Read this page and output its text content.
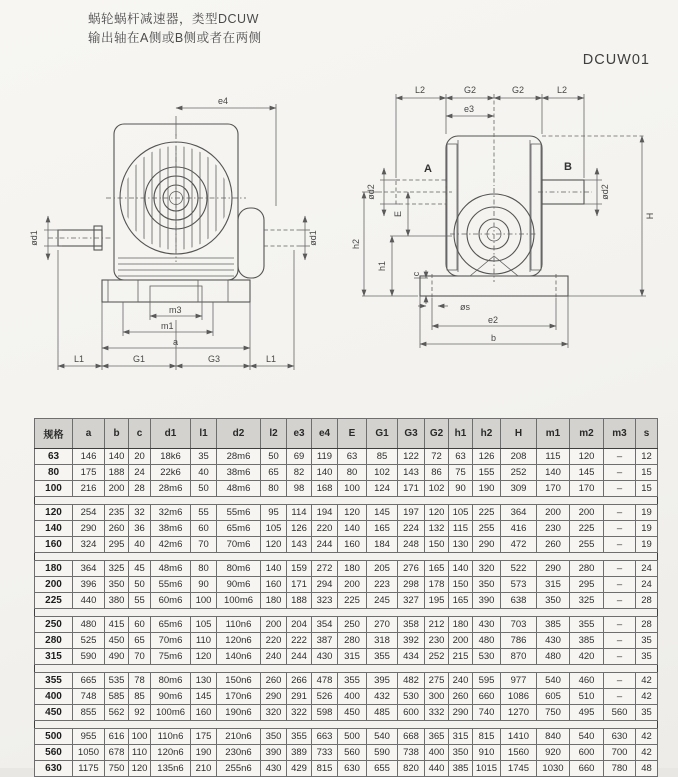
蜗轮蜗杆减速器，类型DCUW
输出轴在A侧或B侧或者在两侧
DCUW01
e4
ød1	ød1
m3
m1
a
L1	G1	G3	L1
A	B
L2	G2	G2	L2
e3
ød2	ød2
h2
E
h1
c
H
øs
e2
b
规格	a	b	c	d1	l1	d2	l2	e3	e4	E	G1	G3	G2	h1	h2	H	m1	m2	m3	s
63	146	140	20	18k6	35	28m6	50	69	119	63	85	122	72	63	126	208	115	120	–	12
80	175	188	24	22k6	40	38m6	65	82	140	80	102	143	86	75	155	252	140	145	–	15
100	216	200	28	28m6	50	48m6	80	98	168	100	124	171	102	90	190	309	170	170	–	15

120	254	235	32	32m6	55	55m6	95	114	194	120	145	197	120	105	225	364	200	200	–	19
140	290	260	36	38m6	60	65m6	105	126	220	140	165	224	132	115	255	416	230	225	–	19
160	324	295	40	42m6	70	70m6	120	143	244	160	184	248	150	130	290	472	260	255	–	19

180	364	325	45	48m6	80	80m6	140	159	272	180	205	276	165	140	320	522	290	280	–	24
200	396	350	50	55m6	90	90m6	160	171	294	200	223	298	178	150	350	573	315	295	–	24
225	440	380	55	60m6	100	100m6	180	188	323	225	245	327	195	165	390	638	350	325	–	28

250	480	415	60	65m6	105	110n6	200	204	354	250	270	358	212	180	430	703	385	355	–	28
280	525	450	65	70m6	110	120n6	220	222	387	280	318	392	230	200	480	786	430	385	–	35
315	590	490	70	75m6	120	140n6	240	244	430	315	355	434	252	215	530	870	480	420	–	35

355	665	535	78	80m6	130	150n6	260	266	478	355	395	482	275	240	595	977	540	460	–	42
400	748	585	85	90m6	145	170n6	290	291	526	400	432	530	300	260	660	1086	605	510	–	42
450	855	562	92	100m6	160	190n6	320	322	598	450	485	600	332	290	740	1270	750	495	560	35

500	955	616	100	110n6	175	210n6	350	355	663	500	540	668	365	315	815	1410	840	540	630	42
560	1050	678	110	120n6	190	230n6	390	389	733	560	590	738	400	350	910	1560	920	600	700	42
630	1175	750	120	135n6	210	255n6	430	429	815	630	655	820	440	385	1015	1745	1030	660	780	48
